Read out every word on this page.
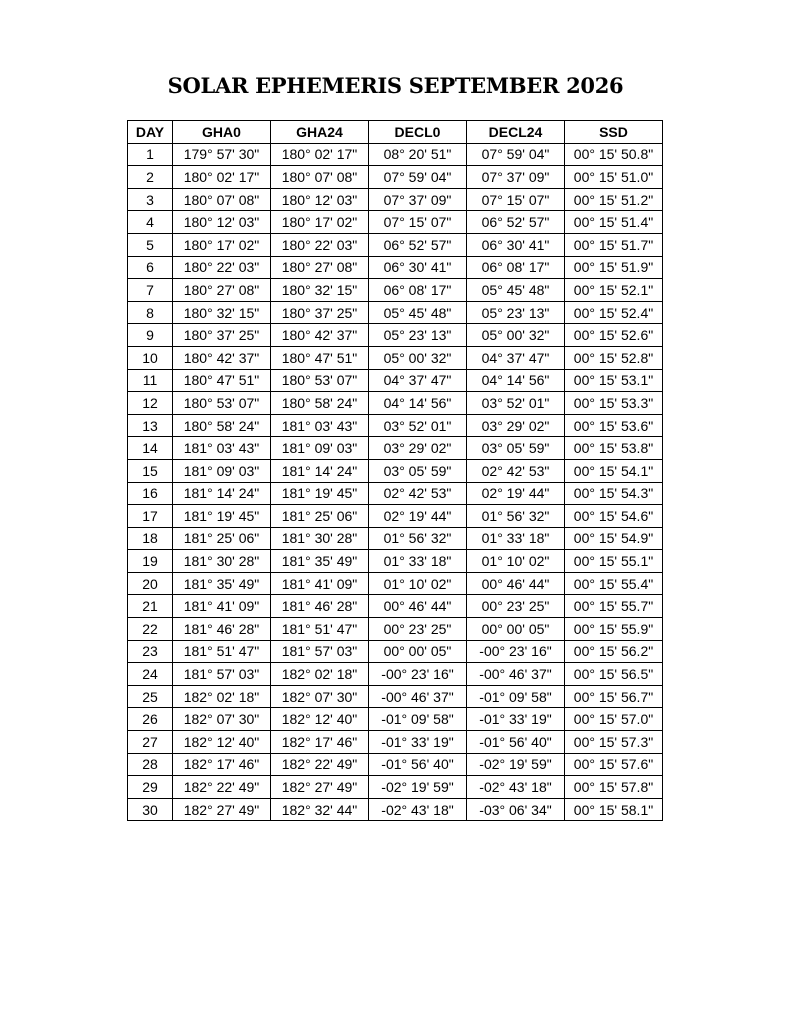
SOLAR EPHEMERIS SEPTEMBER 2026
DAY	GHA0	GHA24	DECL0	DECL24	SSD
1	179° 57' 30"	180° 02' 17"	08° 20' 51"	07° 59' 04"	00° 15' 50.8"
2	180° 02' 17"	180° 07' 08"	07° 59' 04"	07° 37' 09"	00° 15' 51.0"
3	180° 07' 08"	180° 12' 03"	07° 37' 09"	07° 15' 07"	00° 15' 51.2"
4	180° 12' 03"	180° 17' 02"	07° 15' 07"	06° 52' 57"	00° 15' 51.4"
5	180° 17' 02"	180° 22' 03"	06° 52' 57"	06° 30' 41"	00° 15' 51.7"
6	180° 22' 03"	180° 27' 08"	06° 30' 41"	06° 08' 17"	00° 15' 51.9"
7	180° 27' 08"	180° 32' 15"	06° 08' 17"	05° 45' 48"	00° 15' 52.1"
8	180° 32' 15"	180° 37' 25"	05° 45' 48"	05° 23' 13"	00° 15' 52.4"
9	180° 37' 25"	180° 42' 37"	05° 23' 13"	05° 00' 32"	00° 15' 52.6"
10	180° 42' 37"	180° 47' 51"	05° 00' 32"	04° 37' 47"	00° 15' 52.8"
11	180° 47' 51"	180° 53' 07"	04° 37' 47"	04° 14' 56"	00° 15' 53.1"
12	180° 53' 07"	180° 58' 24"	04° 14' 56"	03° 52' 01"	00° 15' 53.3"
13	180° 58' 24"	181° 03' 43"	03° 52' 01"	03° 29' 02"	00° 15' 53.6"
14	181° 03' 43"	181° 09' 03"	03° 29' 02"	03° 05' 59"	00° 15' 53.8"
15	181° 09' 03"	181° 14' 24"	03° 05' 59"	02° 42' 53"	00° 15' 54.1"
16	181° 14' 24"	181° 19' 45"	02° 42' 53"	02° 19' 44"	00° 15' 54.3"
17	181° 19' 45"	181° 25' 06"	02° 19' 44"	01° 56' 32"	00° 15' 54.6"
18	181° 25' 06"	181° 30' 28"	01° 56' 32"	01° 33' 18"	00° 15' 54.9"
19	181° 30' 28"	181° 35' 49"	01° 33' 18"	01° 10' 02"	00° 15' 55.1"
20	181° 35' 49"	181° 41' 09"	01° 10' 02"	00° 46' 44"	00° 15' 55.4"
21	181° 41' 09"	181° 46' 28"	00° 46' 44"	00° 23' 25"	00° 15' 55.7"
22	181° 46' 28"	181° 51' 47"	00° 23' 25"	00° 00' 05"	00° 15' 55.9"
23	181° 51' 47"	181° 57' 03"	00° 00' 05"	-00° 23' 16"	00° 15' 56.2"
24	181° 57' 03"	182° 02' 18"	-00° 23' 16"	-00° 46' 37"	00° 15' 56.5"
25	182° 02' 18"	182° 07' 30"	-00° 46' 37"	-01° 09' 58"	00° 15' 56.7"
26	182° 07' 30"	182° 12' 40"	-01° 09' 58"	-01° 33' 19"	00° 15' 57.0"
27	182° 12' 40"	182° 17' 46"	-01° 33' 19"	-01° 56' 40"	00° 15' 57.3"
28	182° 17' 46"	182° 22' 49"	-01° 56' 40"	-02° 19' 59"	00° 15' 57.6"
29	182° 22' 49"	182° 27' 49"	-02° 19' 59"	-02° 43' 18"	00° 15' 57.8"
30	182° 27' 49"	182° 32' 44"	-02° 43' 18"	-03° 06' 34"	00° 15' 58.1"
